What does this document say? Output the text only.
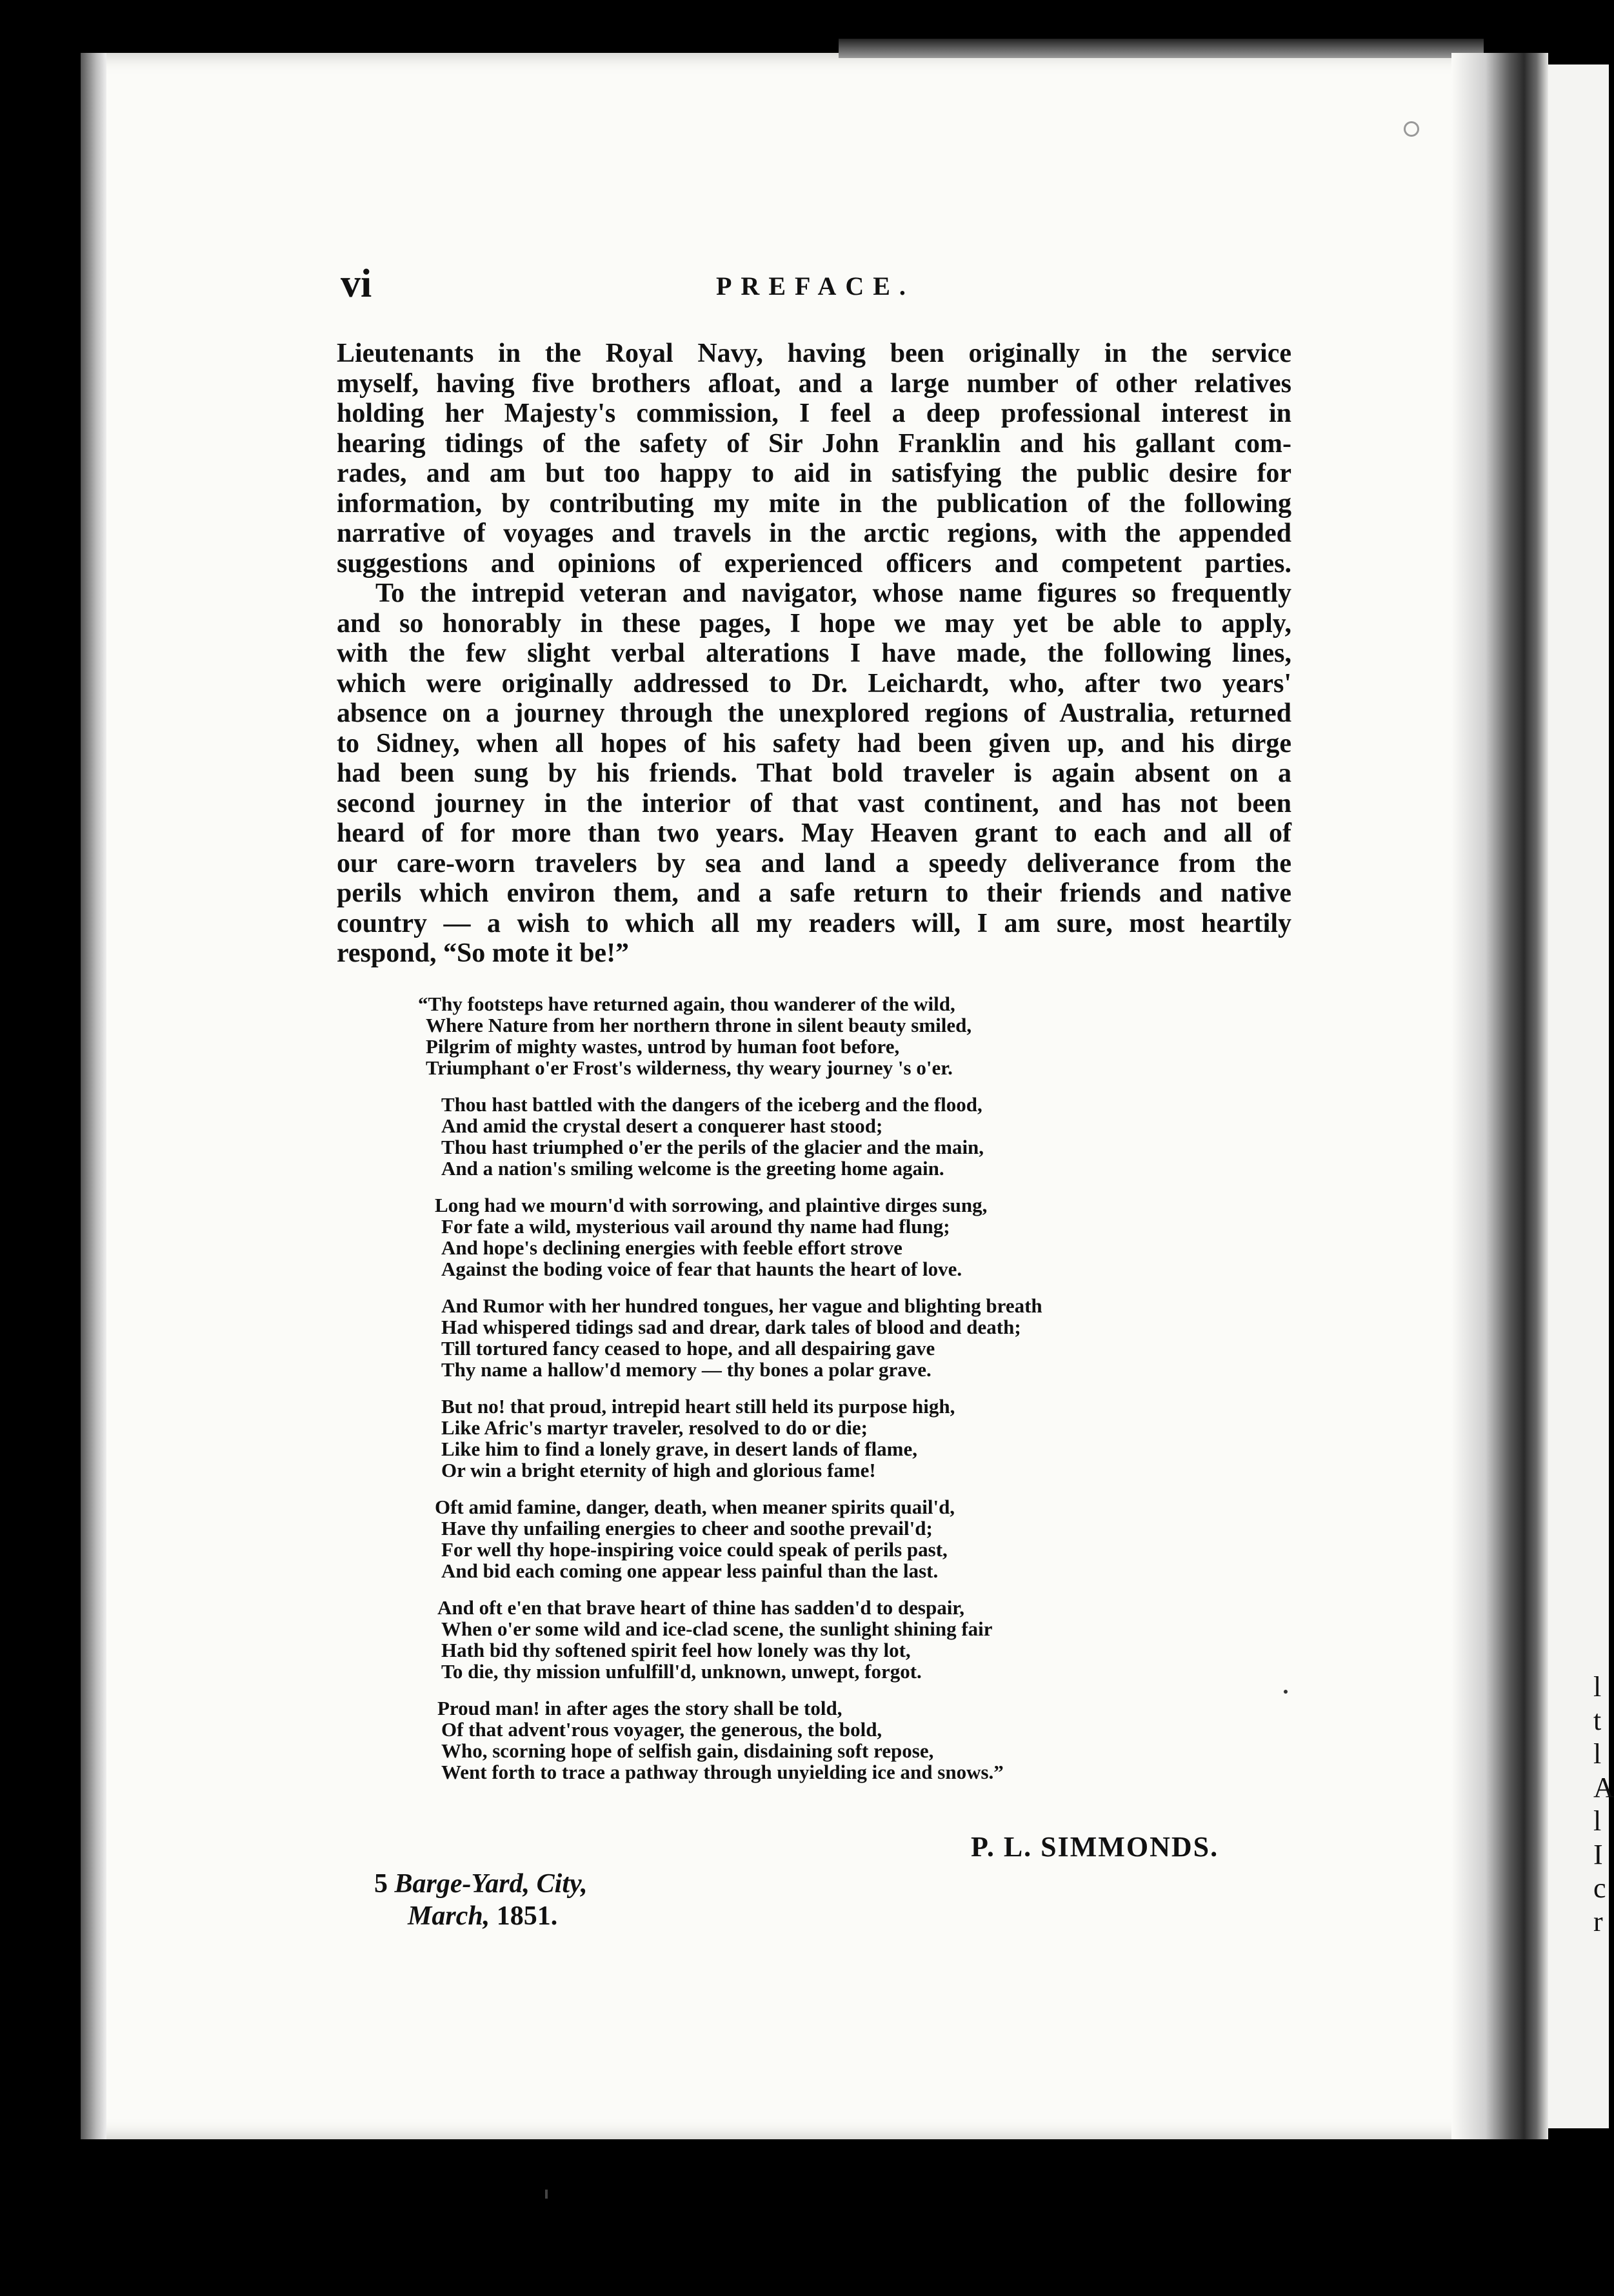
l
t
l
A
l
I
c
r
vi	PREFACE.
Lieutenants in the Royal Navy, having been originally in the service
myself, having five brothers afloat, and a large number of other relatives
holding her Majesty's commission, I feel a deep professional interest in
hearing tidings of the safety of Sir John Franklin and his gallant com-
rades, and am but too happy to aid in satisfying the public desire for
information, by contributing my mite in the publication of the following
narrative of voyages and travels in the arctic regions, with the appended
suggestions and opinions of experienced officers and competent parties.
To the intrepid veteran and navigator, whose name figures so frequently
and so honorably in these pages, I hope we may yet be able to apply,
with the few slight verbal alterations I have made, the following lines,
which were originally addressed to Dr. Leichardt, who, after two years'
absence on a journey through the unexplored regions of Australia, returned
to Sidney, when all hopes of his safety had been given up, and his dirge
had been sung by his friends. That bold traveler is again absent on a
second journey in the interior of that vast continent, and has not been
heard of for more than two years. May Heaven grant to each and all of
our care-worn travelers by sea and land a speedy deliverance from the
perils which environ them, and a safe return to their friends and native
country — a wish to which all my readers will, I am sure, most heartily
respond, “So mote it be!”
“Thy footsteps have returned again, thou wanderer of the wild,
Where Nature from her northern throne in silent beauty smiled,
Pilgrim of mighty wastes, untrod by human foot before,
Triumphant o'er Frost's wilderness, thy weary journey 's o'er.
Thou hast battled with the dangers of the iceberg and the flood,
And amid the crystal desert a conquerer hast stood;
Thou hast triumphed o'er the perils of the glacier and the main,
And a nation's smiling welcome is the greeting home again.
Long had we mourn'd with sorrowing, and plaintive dirges sung,
For fate a wild, mysterious vail around thy name had flung;
And hope's declining energies with feeble effort strove
Against the boding voice of fear that haunts the heart of love.
And Rumor with her hundred tongues, her vague and blighting breath
Had whispered tidings sad and drear, dark tales of blood and death;
Till tortured fancy ceased to hope, and all despairing gave
Thy name a hallow'd memory — thy bones a polar grave.
But no! that proud, intrepid heart still held its purpose high,
Like Afric's martyr traveler, resolved to do or die;
Like him to find a lonely grave, in desert lands of flame,
Or win a bright eternity of high and glorious fame!
Oft amid famine, danger, death, when meaner spirits quail'd,
Have thy unfailing energies to cheer and soothe prevail'd;
For well thy hope-inspiring voice could speak of perils past,
And bid each coming one appear less painful than the last.
And oft e'en that brave heart of thine has sadden'd to despair,
When o'er some wild and ice-clad scene, the sunlight shining fair
Hath bid thy softened spirit feel how lonely was thy lot,
To die, thy mission unfulfill'd, unknown, unwept, forgot.
Proud man! in after ages the story shall be told,
Of that advent'rous voyager, the generous, the bold,
Who, scorning hope of selfish gain, disdaining soft repose,
Went forth to trace a pathway through unyielding ice and snows.”
P. L. SIMMONDS.
5 Barge-Yard, City,
March, 1851.
